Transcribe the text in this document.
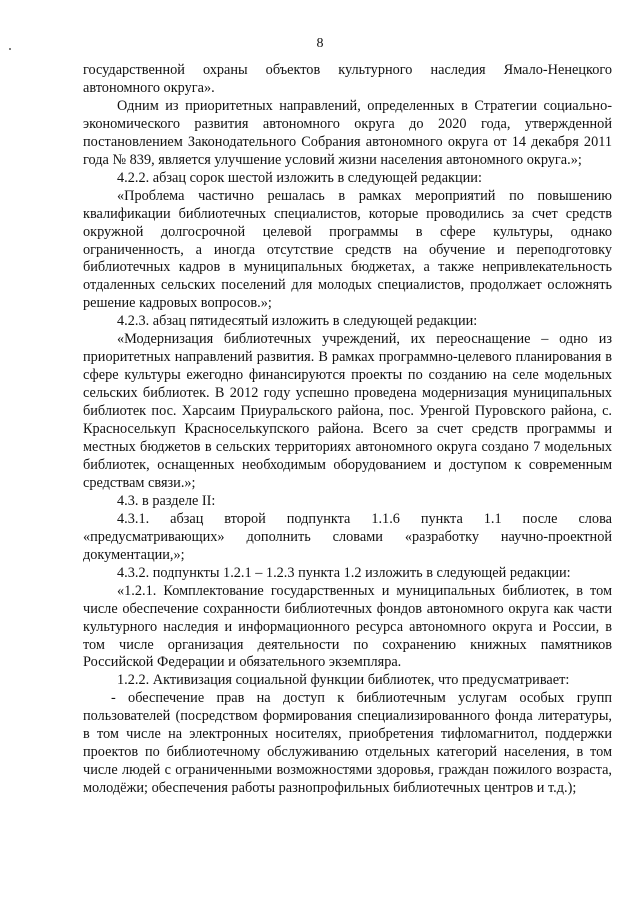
8

государственной охраны объектов культурного наследия Ямало-Ненецкого автономного округа».

Одним из приоритетных направлений, определенных в Стратегии социально-экономического развития автономного округа до 2020 года, утвержденной постановлением Законодательного Собрания автономного округа от 14 декабря 2011 года № 839, является улучшение условий жизни населения автономного округа.»;

4.2.2. абзац сорок шестой изложить в следующей редакции:

«Проблема частично решалась в рамках мероприятий по повышению квалификации библиотечных специалистов, которые проводились за счет средств окружной долгосрочной целевой программы в сфере культуры, однако ограниченность, а иногда отсутствие средств на обучение и переподготовку библиотечных кадров в муниципальных бюджетах, а также непривлекательность отдаленных сельских поселений для молодых специалистов, продолжает осложнять решение кадровых вопросов.»;

4.2.3. абзац пятидесятый изложить в следующей редакции:

«Модернизация библиотечных учреждений, их переоснащение – одно из приоритетных направлений развития. В рамках программно-целевого планирования в сфере культуры ежегодно финансируются проекты по созданию на селе модельных сельских библиотек. В 2012 году успешно проведена модернизация муниципальных библиотек пос. Харсаим Приуральского района, пос. Уренгой Пуровского района, с. Красноселькуп Красноселькупского района. Всего за счет средств программы и местных бюджетов в сельских территориях автономного округа создано 7 модельных библиотек, оснащенных необходимым оборудованием и доступом к современным средствам связи.»;

4.3. в разделе II:

4.3.1. абзац второй подпункта 1.1.6 пункта 1.1 после слова «предусматривающих» дополнить словами «разработку научно-проектной документации,»;

4.3.2. подпункты 1.2.1 – 1.2.3 пункта 1.2 изложить в следующей редакции:

«1.2.1. Комплектование государственных и муниципальных библиотек, в том числе обеспечение сохранности библиотечных фондов автономного округа как части культурного наследия и информационного ресурса автономного округа и России, в том числе организация деятельности по сохранению книжных памятников Российской Федерации и обязательного экземпляра.

1.2.2. Активизация социальной функции библиотек, что предусматривает:

- обеспечение прав на доступ к библиотечным услугам особых групп пользователей (посредством формирования специализированного фонда литературы, в том числе на электронных носителях, приобретения тифломагнитол, поддержки проектов по библиотечному обслуживанию отдельных категорий населения, в том числе людей с ограниченными возможностями здоровья, граждан пожилого возраста, молодёжи; обеспечения работы разнопрофильных библиотечных центров и т.д.);
